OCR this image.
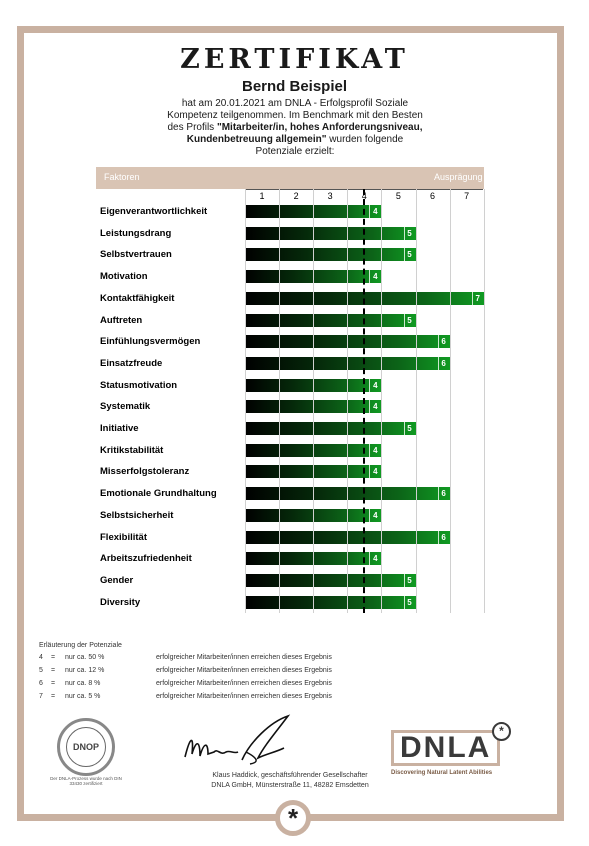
*
ZERTIFIKAT
Bernd Beispiel
hat am 20.01.2021 am DNLA - Erfolgsprofil Soziale
Kompetenz teilgenommen. Im Benchmark mit den Besten
des Profils "Mitarbeiter/in, hohes Anforderungsniveau,
Kundenbetreuung allgemein" wurden folgende
Potenziale erzielt:
Faktoren	Ausprägung
1	2	3	4	5	6	7
Eigenverantwortlichkeit	4
Leistungsdrang	5
Selbstvertrauen	5
Motivation	4
Kontaktfähigkeit	7
Auftreten	5
Einfühlungsvermögen	6
Einsatzfreude	6
Statusmotivation	4
Systematik	4
Initiative	5
Kritikstabilität	4
Misserfolgstoleranz	4
Emotionale Grundhaltung	6
Selbstsicherheit	4
Flexibilität	6
Arbeitszufriedenheit	4
Gender	5
Diversity	5
Erläuterung der Potenziale
4 = nur ca. 50 %	erfolgreicher Mitarbeiter/innen erreichen dieses Ergebnis
5 = nur ca. 12 %	erfolgreicher Mitarbeiter/innen erreichen dieses Ergebnis
6 = nur ca. 8 %	erfolgreicher Mitarbeiter/innen erreichen dieses Ergebnis
7 = nur ca. 5 %	erfolgreicher Mitarbeiter/innen erreichen dieses Ergebnis
DNOP
Der DNLA-Prozess wurde nach DIN 33430 zertifiziert
Klaus Haddick, geschäftsführender Gesellschafter
DNLA GmbH, Münsterstraße 11, 48282 Emsdetten
DNLA *
Discovering Natural Latent Abilities
